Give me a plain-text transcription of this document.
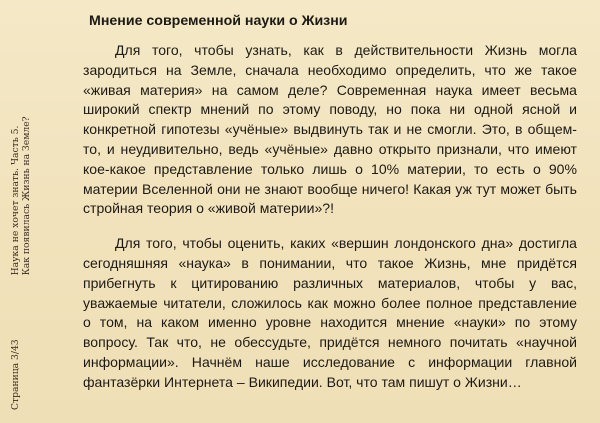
Страница 3/43
Наука не хочет знать. Часть 5. Как появилась Жизнь на Земле?
Мнение современной науки о Жизни

Для того, чтобы узнать, как в действительности Жизнь могла зародиться на Земле, сначала необходимо определить, что же такое «живая материя» на самом деле? Современная наука имеет весьма широкий спектр мнений по этому поводу, но пока ни одной ясной и конкретной гипотезы «учёные» выдвинуть так и не смогли. Это, в общем-то, и неудивительно, ведь «учёные» давно открыто признали, что имеют кое-какое представление только лишь о 10% материи, то есть о 90% материи Вселенной они не знают вообще ничего! Какая уж тут может быть стройная теория о «живой материи»?!

Для того, чтобы оценить, каких «вершин лондонского дна» достигла сегодняшняя «наука» в понимании, что такое Жизнь, мне придётся прибегнуть к цитированию различных материалов, чтобы у вас, уважаемые читатели, сложилось как можно более полное представление о том, на каком именно уровне находится мнение «науки» по этому вопросу. Так что, не обессудьте, придётся немного почитать «научной информации». Начнём наше исследование с информации главной фантазёрки Интернета – Википедии. Вот, что там пишут о Жизни…
